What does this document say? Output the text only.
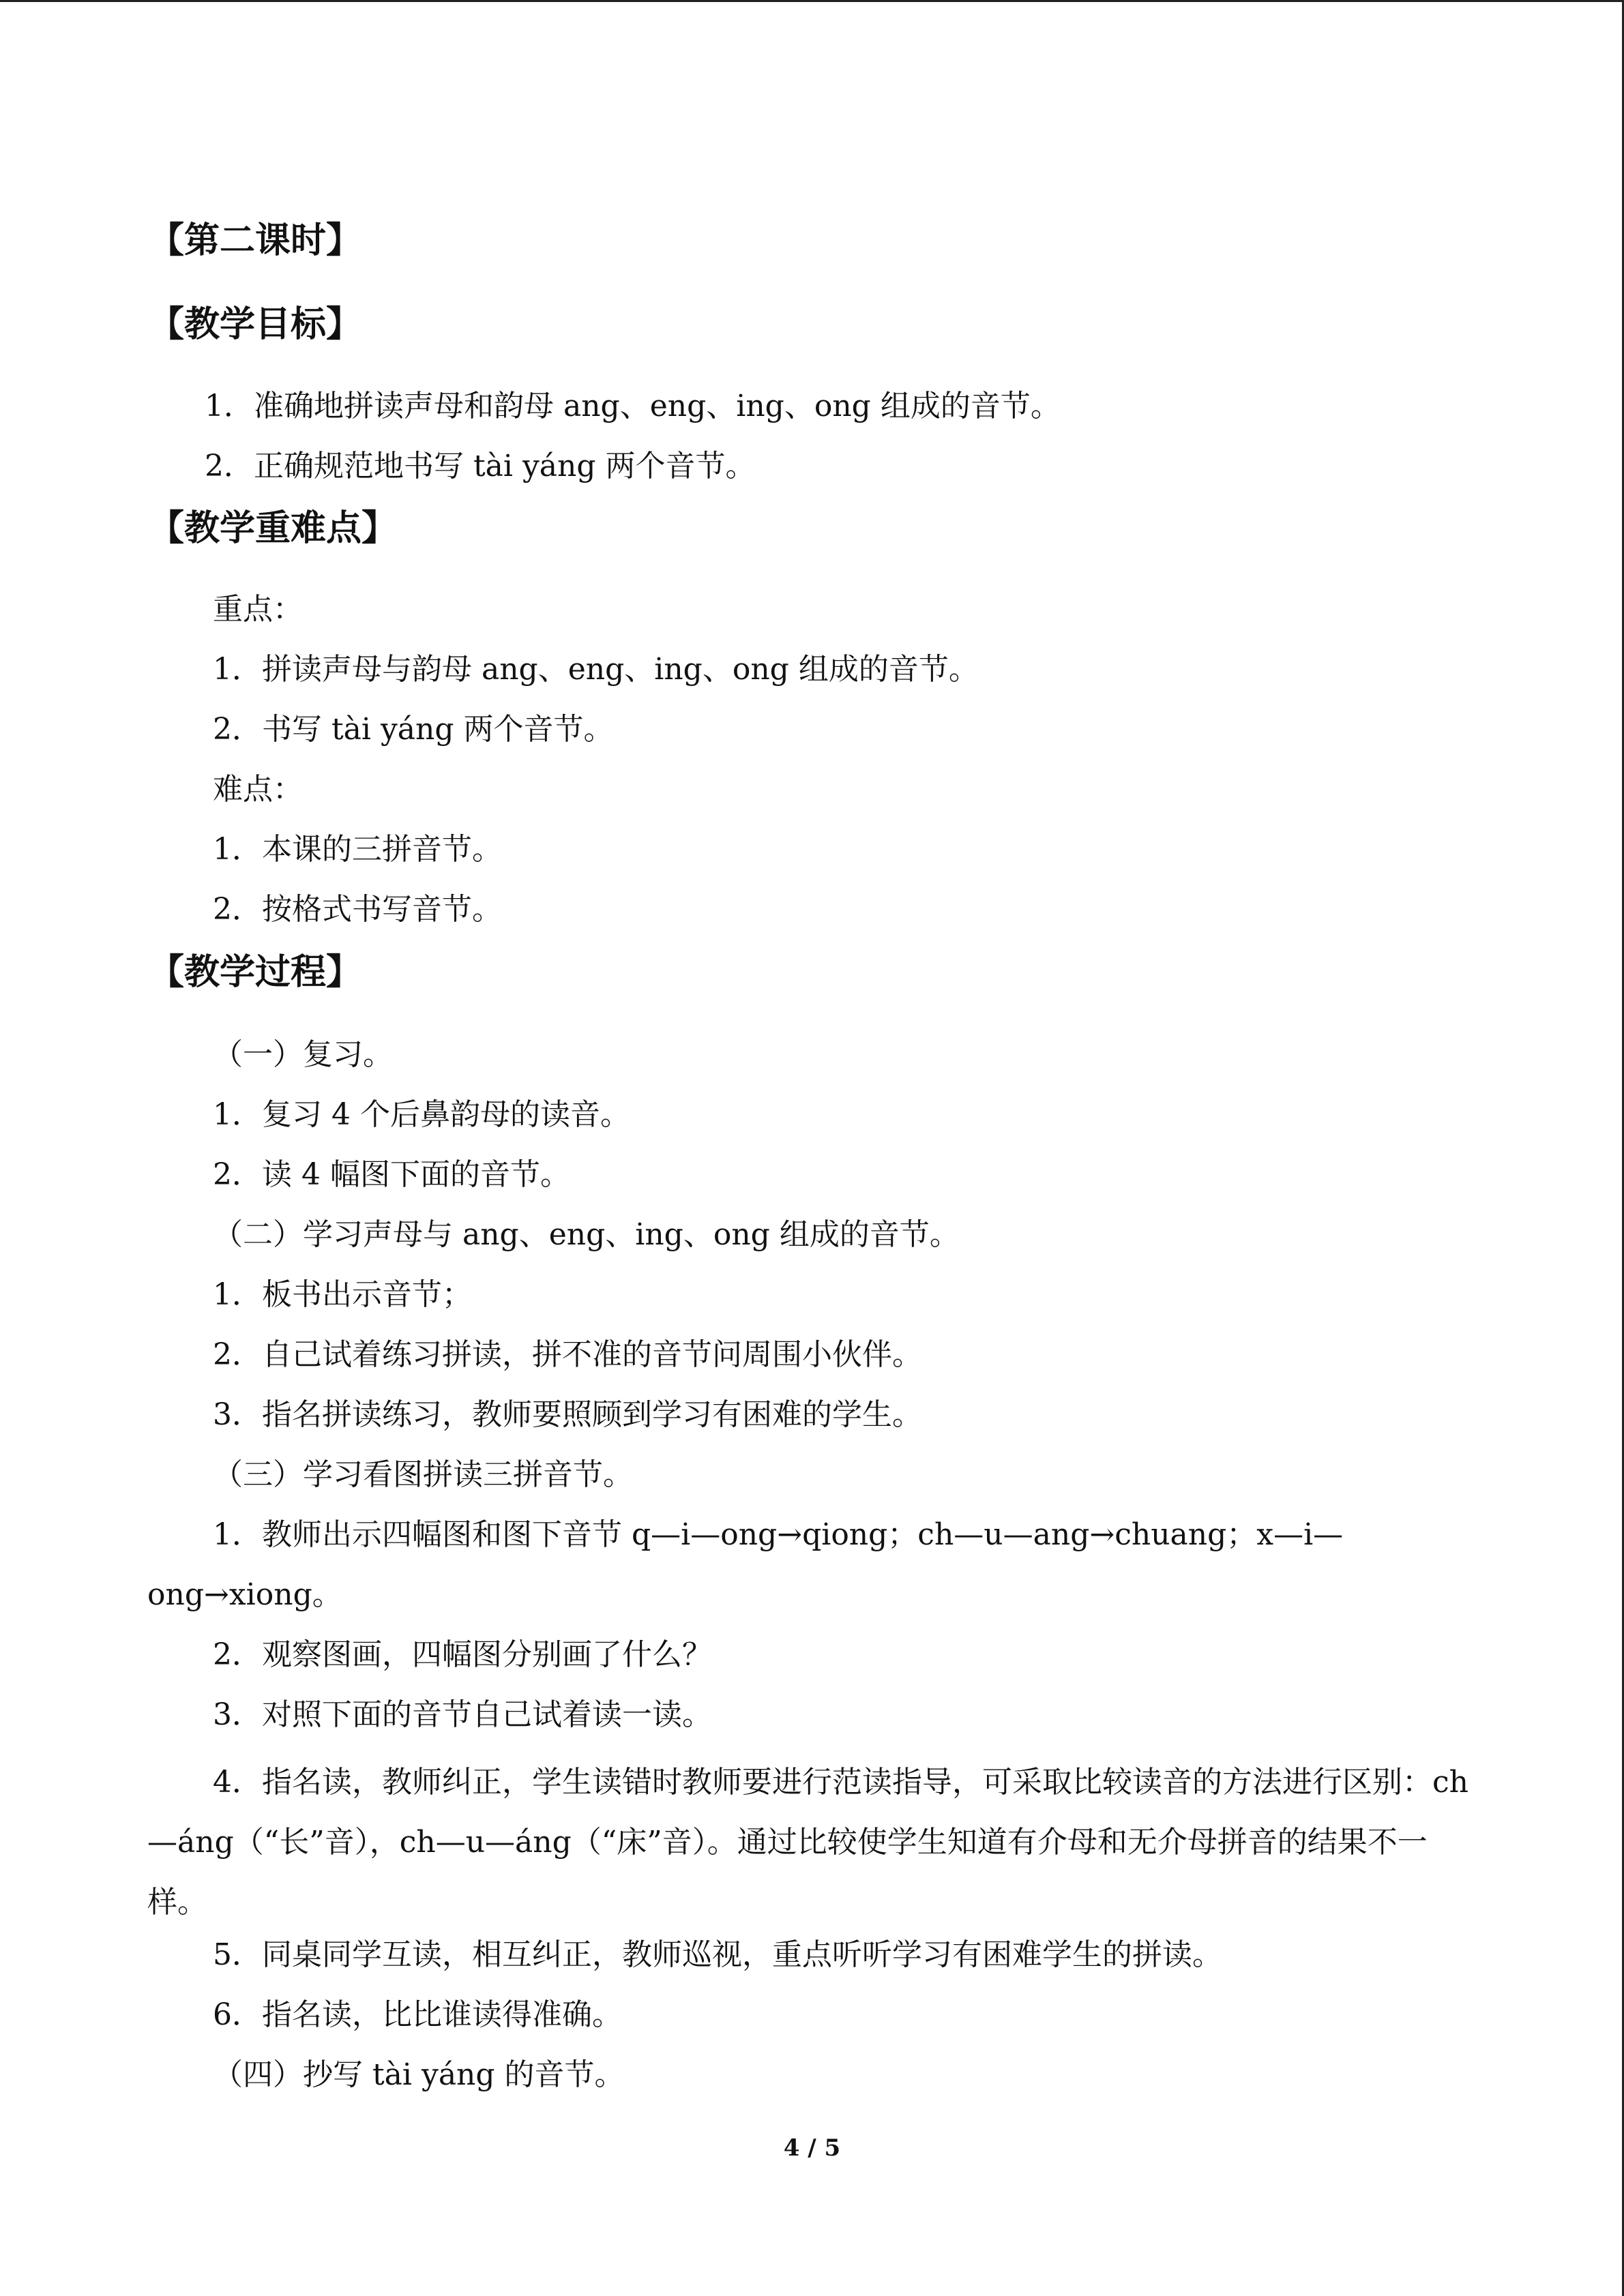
【第二课时】
【教学目标】
1．准确地拼读声母和韵母 ang、eng、ing、ong 组成的音节。
2．正确规范地书写 tài yáng 两个音节。
【教学重难点】
重点：
1．拼读声母与韵母 ang、eng、ing、ong 组成的音节。
2．书写 tài yáng 两个音节。
难点：
1．本课的三拼音节。
2．按格式书写音节。
【教学过程】
（一）复习。
1．复习 4 个后鼻韵母的读音。
2．读 4 幅图下面的音节。
（二）学习声母与 ang、eng、ing、ong 组成的音节。
1．板书出示音节；
2．自己试着练习拼读，拼不准的音节问周围小伙伴。
3．指名拼读练习，教师要照顾到学习有困难的学生。
（三）学习看图拼读三拼音节。
1．教师出示四幅图和图下音节 q—i—ong→qiong；ch—u—ang→chuang；x—i—
ong→xiong。
2．观察图画，四幅图分别画了什么？
3．对照下面的音节自己试着读一读。

4．指名读，教师纠正，学生读错时教师要进行范读指导，可采取比较读音的方法进行区别：ch—áng（“长”音），ch—u—áng（“床”音）。通过比较使学生知道有介母和无介母拼音的结果不一样。

5．同桌同学互读，相互纠正，教师巡视，重点听听学习有困难学生的拼读。
6．指名读，比比谁读得准确。
（四）抄写 tài yáng 的音节。
4 / 5
